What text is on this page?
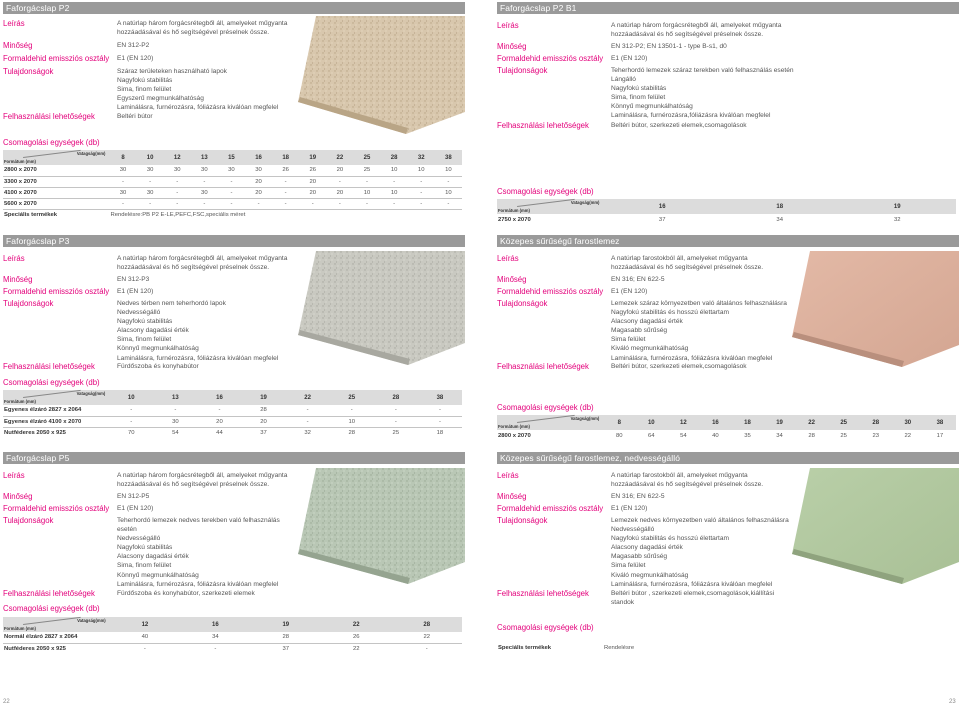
Faforgácslap P2
Leírás	A natúrlap három forgácsrétegből áll, amelyeket műgyanta
hozzáadásával és hő segítségével préselnek össze.
Minőség	EN 312-P2
Formaldehid emissziós osztály E1 (EN 120)
Tulajdonságok	Száraz területeken használható lapok
Nagyfokú stabilitás
Sima, finom felület
Egyszerű megmunkálhatóság
Laminálásra, furnérozásra, fóliázásra kiválóan megfelel
Felhasználási lehetőségek	Beltéri bútor
Csomagolási egységek (db)
Vatagság(mm)
Formátum (mm)	8	10	12	13	15	16	18	19	22	25	28	32	38
2800 x 2070	30	30	30	30	30	30	26	26	20	25	10	10	10
3300 x 2070	-	-	-	-	-	20	-	20	-	-	-	-	-
4100 x 2070	30	30	-	30	-	20	-	20	20	10	10	-	10
5600 x 2070	-	-	-	-	-	-	-	-	-	-	-	-	-
Speciális termékek	Rendelésre:PB P2 E-LE,PEFC,FSC,speciális méret												
Faforgácslap P3
Leírás	A natúrlap három forgácsrétegből áll, amelyeket műgyanta
hozzáadásával és hő segítségével préselnek össze.
Minőség	EN 312-P3
Formaldehid emissziós osztály E1 (EN 120)
Tulajdonságok	Nedves térben nem teherhordó lapok
Nedvességálló
Nagyfokú stabilitás
Alacsony dagadási érték
Sima, finom felület
Könnyű megmunkálhatóság
Laminálásra, furnérozásra, fóliázásra kiválóan megfelel
Felhasználási lehetőségek	Fürdőszoba és konyhabútor
Csomagolási egységek (db)
Vatagság(mm)
Formátum (mm)	10	13	16	19	22	25	28	38
Egyenes élzáró 2827 x 2064	-	-	-	28	-	-	-	-
Egyenes élzáró 4100 x 2070	-	30	20	20	-	10	-	-
Nutféderes 2050 x 925	70	54	44	37	32	28	25	18
Faforgácslap P5
Leírás	A natúrlap három forgácsrétegből áll, amelyeket műgyanta
hozzáadásával és hő segítségével préselnek össze.
Minőség	EN 312-P5
Formaldehid emissziós osztály E1 (EN 120)
Tulajdonságok	Teherhordó lemezek nedves terekben való felhasználás
esetén
Nedvességálló
Nagyfokú stabilitás
Alacsony dagadási érték
Sima, finom felület
Könnyű megmunkálhatóság
Laminálásra, furnérozásra, fóliázásra kiválóan megfelel
Felhasználási lehetőségek	Fürdőszoba és konyhabútor, szerkezeti elemek
Csomagolási egységek (db)
Vatagság(mm)
Formátum (mm)	12	16	19	22	28
Normál élzáró 2827 x 2064	40	34	28	26	22
Nutféderes 2050 x 925	-	-	37	22	-
22
Faforgácslap P2 B1
Leírás	A natúrlap három forgácsrétegből áll, amelyeket műgyanta
hozzáadásával és hő segítségével préselnek össze.
Minőség	EN 312-P2; EN 13501-1 - type B-s1, d0
Formaldehid emissziós osztály E1 (EN 120)
Tulajdonságok	Teherhordó lemezek száraz terekben való felhasználás esetén
Lángálló
Nagyfokú stabilitás
Sima, finom felület
Könnyű megmunkálhatóság
Laminálásra, furnérozásra,fóliázásra kiválóan megfelel
Felhasználási lehetőségek	Beltéri bútor, szerkezeti elemek,csomagolások
Csomagolási egységek (db)
Vatagság(mm)
Formátum (mm)	16	18	19
2750 x 2070	37	34	32
Közepes sűrűségű farostlemez
Leírás	A natúrlap farostokból áll, amelyeket műgyanta
hozzáadásával és hő segítségével préselnek össze.
Minőség	EN 316; EN 622-5
Formaldehid emissziós osztály E1 (EN 120)
Tulajdonságok	Lemezek száraz környezetben való általános felhasználásra
Nagyfokú stabilitás és hosszú élettartam
Alacsony dagadási érték
Magasabb sűrűség
Sima felület
Kiváló megmunkálhatóság
Laminálásra, furnérozásra, fóliázásra kiválóan megfelel
Felhasználási lehetőségek	Beltéri bútor, szerkezeti elemek,csomagolások
Csomagolási egységek (db)
Vatagság(mm)
Formátum (mm)	8	10	12	16	18	19	22	25	28	30	38
2800 x 2070	80	64	54	40	35	34	28	25	23	22	17
Közepes sűrűségű farostlemez, nedvességálló
Leírás	A natúrlap farostokból áll, amelyeket műgyanta
hozzáadásával és hő segítségével préselnek össze.
Minőség	EN 316; EN 622-5
Formaldehid emissziós osztály E1 (EN 120)
Tulajdonságok	Lemezek nedves környezetben való általános felhasználásra
Nedvességálló
Nagyfokú stabilitás és hosszú élettartam
Alacsony dagadási érték
Magasabb sűrűség
Sima felület
Kiváló megmunkálhatóság
Laminálásra, furnérozásra, fóliázásra kiválóan megfelel
Felhasználási lehetőségek	Beltéri bútor , szerkezeti elemek,csomagolások,kiállítási
standok
Csomagolási egységek (db)
Speciális termékek	Rendelésre
23
